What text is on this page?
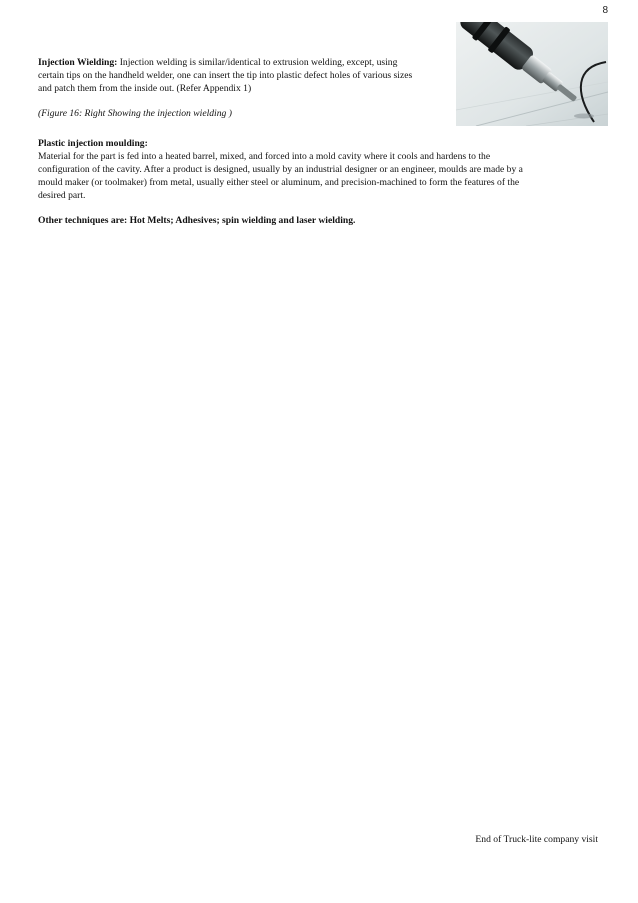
8

Injection Wielding: Injection welding is similar/identical to extrusion welding, except, using
certain tips on the handheld welder, one can insert the tip into plastic defect holes of various sizes
and patch them from the inside out. (Refer Appendix 1)

(Figure 16: Right Showing the injection wielding )

Plastic injection moulding:

Material for the part is fed into a heated barrel, mixed, and forced into a mold cavity where it cools and hardens to the
configuration of the cavity. After a product is designed, usually by an industrial designer or an engineer, moulds are made by a
mould maker (or toolmaker) from metal, usually either steel or aluminum, and precision-machined to form the features of the
desired part.

Other techniques are: Hot Melts; Adhesives; spin wielding and laser wielding.

End of Truck-lite company visit
